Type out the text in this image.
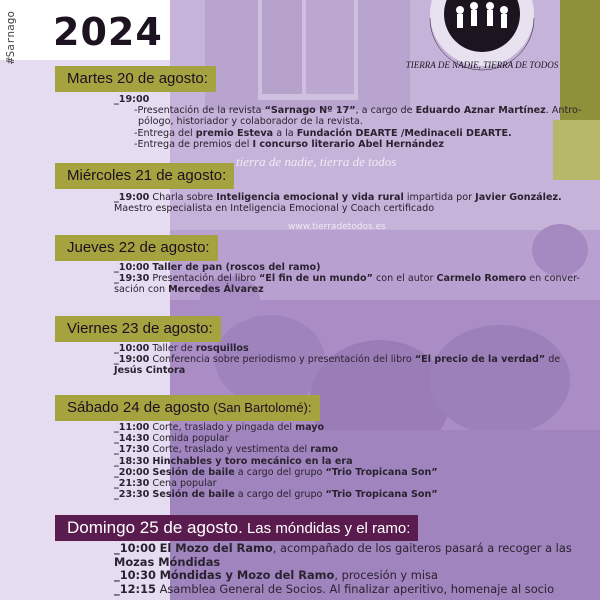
#Sarnago 2024
TIERRA DE NADIE, TIERRA DE TODOS
Martes 20 de agosto:
_19:00
-Presentación de la revista “Sarnago Nº 17”, a cargo de Eduardo Aznar Martínez. Antro-
pólogo, historiador y colaborador de la revista.
-Entrega del premio Esteva a la Fundación DEARTE /Medinaceli DEARTE.
-Entrega de premios del I concurso literario Abel Hernández
tierra de nadie, tierra de todos
Miércoles 21 de agosto:
_19:00 Charla sobre Inteligencia emocional y vida rural impartida por Javier González.
Maestro especialista en Inteligencia Emocional y Coach certificado
www.tierradetodos.es
Jueves 22 de agosto:
_10:00 Taller de pan (roscos del ramo)
_19:30 Presentación del libro “El fin de un mundo” con el autor Carmelo Romero en conver-
sación con Mercedes Álvarez
Viernes 23 de agosto:
_10:00 Taller de rosquillos
_19:00 Conferencia sobre periodismo y presentación del libro “El precio de la verdad” de
Jesús Cintora
Sábado 24 de agosto (San Bartolomé):
_11:00 Corte, traslado y pingada del mayo
_14:30 Comida popular
_17:30 Corte, traslado y vestimenta del ramo
_18:30 Hinchables y toro mecánico en la era
_20:00 Sesión de baile a cargo del grupo “Trio Tropicana Son”
_21:30 Cena popular
_23:30 Sesión de baile a cargo del grupo “Trio Tropicana Son”
Domingo 25 de agosto. Las móndidas y el ramo:
_10:00 El Mozo del Ramo, acompañado de los gaiteros pasará a recoger a las
Mozas Móndidas
_10:30 Móndidas y Mozo del Ramo, procesión y misa
_12:15 Asamblea General de Socios. Al finalizar aperitivo, homenaje al socio
